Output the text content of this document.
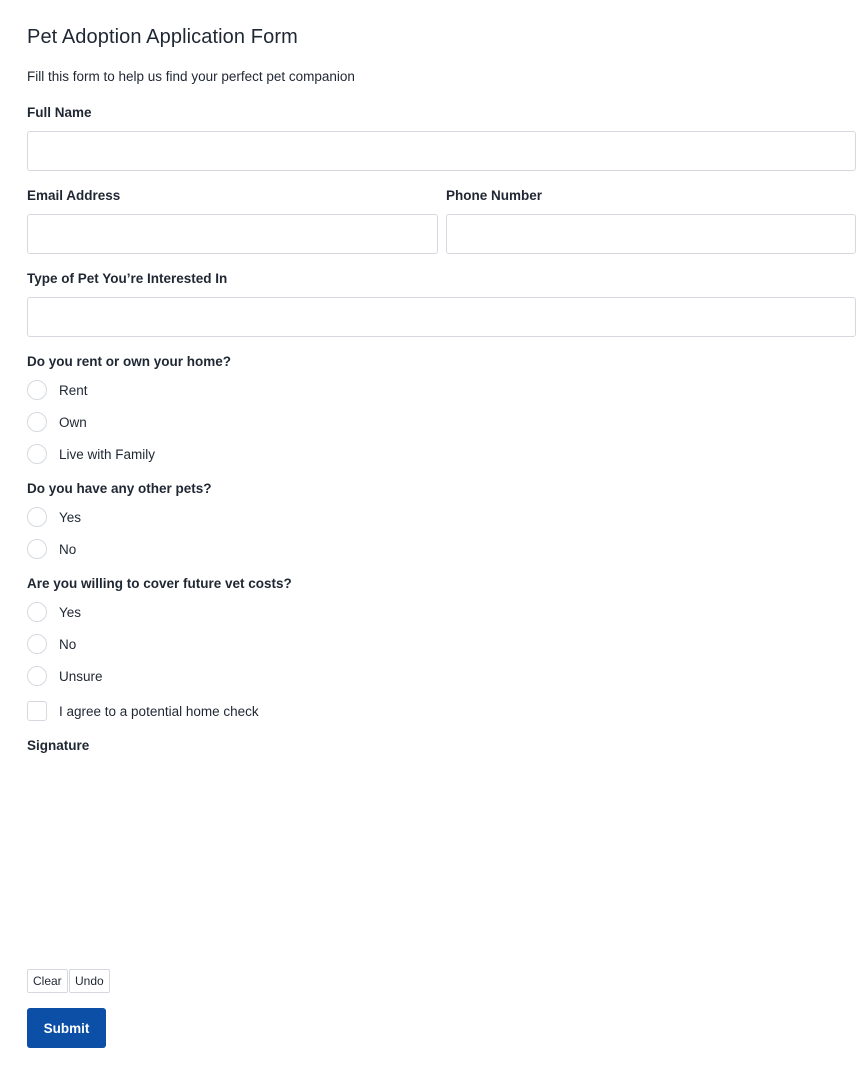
Pet Adoption Application Form

Fill this form to help us find your perfect pet companion

Full Name
Email Address	Phone Number
Type of Pet You’re Interested In

Do you rent or own your home?

Rent
Own
Live with Family

Do you have any other pets?

Yes
No

Are you willing to cover future vet costs?

Yes
No
Unsure
I agree to a potential home check

Signature

Clear	Undo
Submit
